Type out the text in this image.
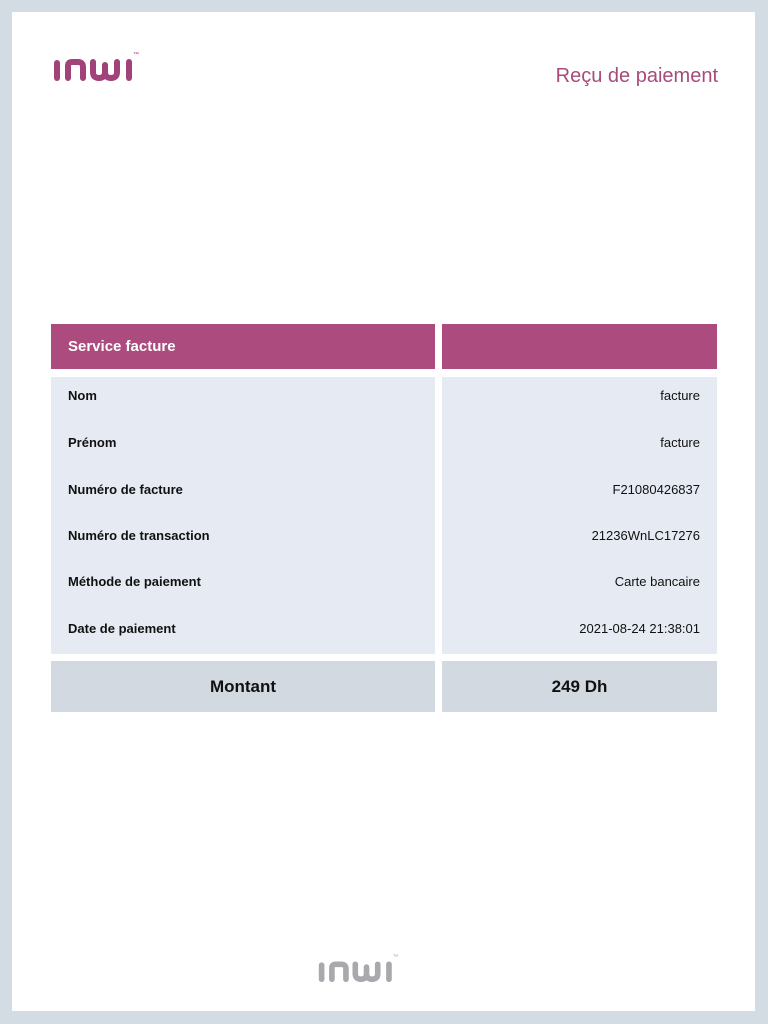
™
Reçu de paiement
Service facture
Nom
Prénom
Numéro de facture
Numéro de transaction
Méthode de paiement
Date de paiement
facture
facture
F21080426837
21236WnLC17276
Carte bancaire
2021-08-24 21:38:01
Montant	249 Dh
™
